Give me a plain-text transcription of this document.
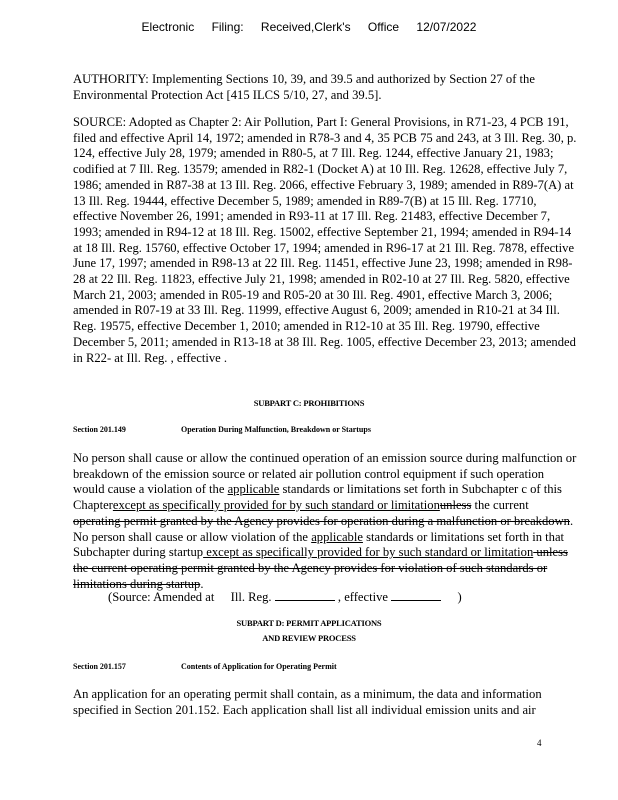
Electronic Filing: Received,Clerk's Office 12/07/2022

AUTHORITY: Implementing Sections 10, 39, and 39.5 and authorized by Section 27 of the Environmental Protection Act [415 ILCS 5/10, 27, and 39.5].

SOURCE: Adopted as Chapter 2: Air Pollution, Part I: General Provisions, in R71-23, 4 PCB 191, filed and effective April 14, 1972; amended in R78-3 and 4, 35 PCB 75 and 243, at 3 Ill. Reg. 30, p. 124, effective July 28, 1979; amended in R80-5, at 7 Ill. Reg. 1244, effective January 21, 1983; codified at 7 Ill. Reg. 13579; amended in R82-1 (Docket A) at 10 Ill. Reg. 12628, effective July 7, 1986; amended in R87-38 at 13 Ill. Reg. 2066, effective February 3, 1989; amended in R89-7(A) at 13 Ill. Reg. 19444, effective December 5, 1989; amended in R89-7(B) at 15 Ill. Reg. 17710, effective November 26, 1991; amended in R93-11 at 17 Ill. Reg. 21483, effective December 7, 1993; amended in R94-12 at 18 Ill. Reg. 15002, effective September 21, 1994; amended in R94-14 at 18 Ill. Reg. 15760, effective October 17, 1994; amended in R96-17 at 21 Ill. Reg. 7878, effective June 17, 1997; amended in R98-13 at 22 Ill. Reg. 11451, effective June 23, 1998; amended in R98-28 at 22 Ill. Reg. 11823, effective July 21, 1998; amended in R02-10 at 27 Ill. Reg. 5820, effective March 21, 2003; amended in R05-19 and R05-20 at 30 Ill. Reg. 4901, effective March 3, 2006; amended in R07-19 at 33 Ill. Reg. 11999, effective August 6, 2009; amended in R10-21 at 34 Ill. Reg. 19575, effective December 1, 2010; amended in R12-10 at 35 Ill. Reg. 19790, effective December 5, 2011; amended in R13-18 at 38 Ill. Reg. 1005, effective December 23, 2013; amended in R22- at Ill. Reg. , effective .

SUBPART C: PROHIBITIONS
Section 201.149	Operation During Malfunction, Breakdown or Startups

No person shall cause or allow the continued operation of an emission source during malfunction or breakdown of the emission source or related air pollution control equipment if such operation would cause a violation of the applicable standards or limitations set forth in Subchapter c of this Chapterexcept as specifically provided for by such standard or limitationunless the current operating permit granted by the Agency provides for operation during a malfunction or breakdown. No person shall cause or allow violation of the applicable standards or limitations set forth in that Subchapter during startup except as specifically provided for by such standard or limitation unless the current operating permit granted by the Agency provides for violation of such standards or limitations during startup.

(Source: Amended at Ill. Reg.	, effective	)
SUBPART D: PERMIT APPLICATIONS
AND REVIEW PROCESS
Section 201.157	Contents of Application for Operating Permit

An application for an operating permit shall contain, as a minimum, the data and information specified in Section 201.152. Each application shall list all individual emission units and air

4
